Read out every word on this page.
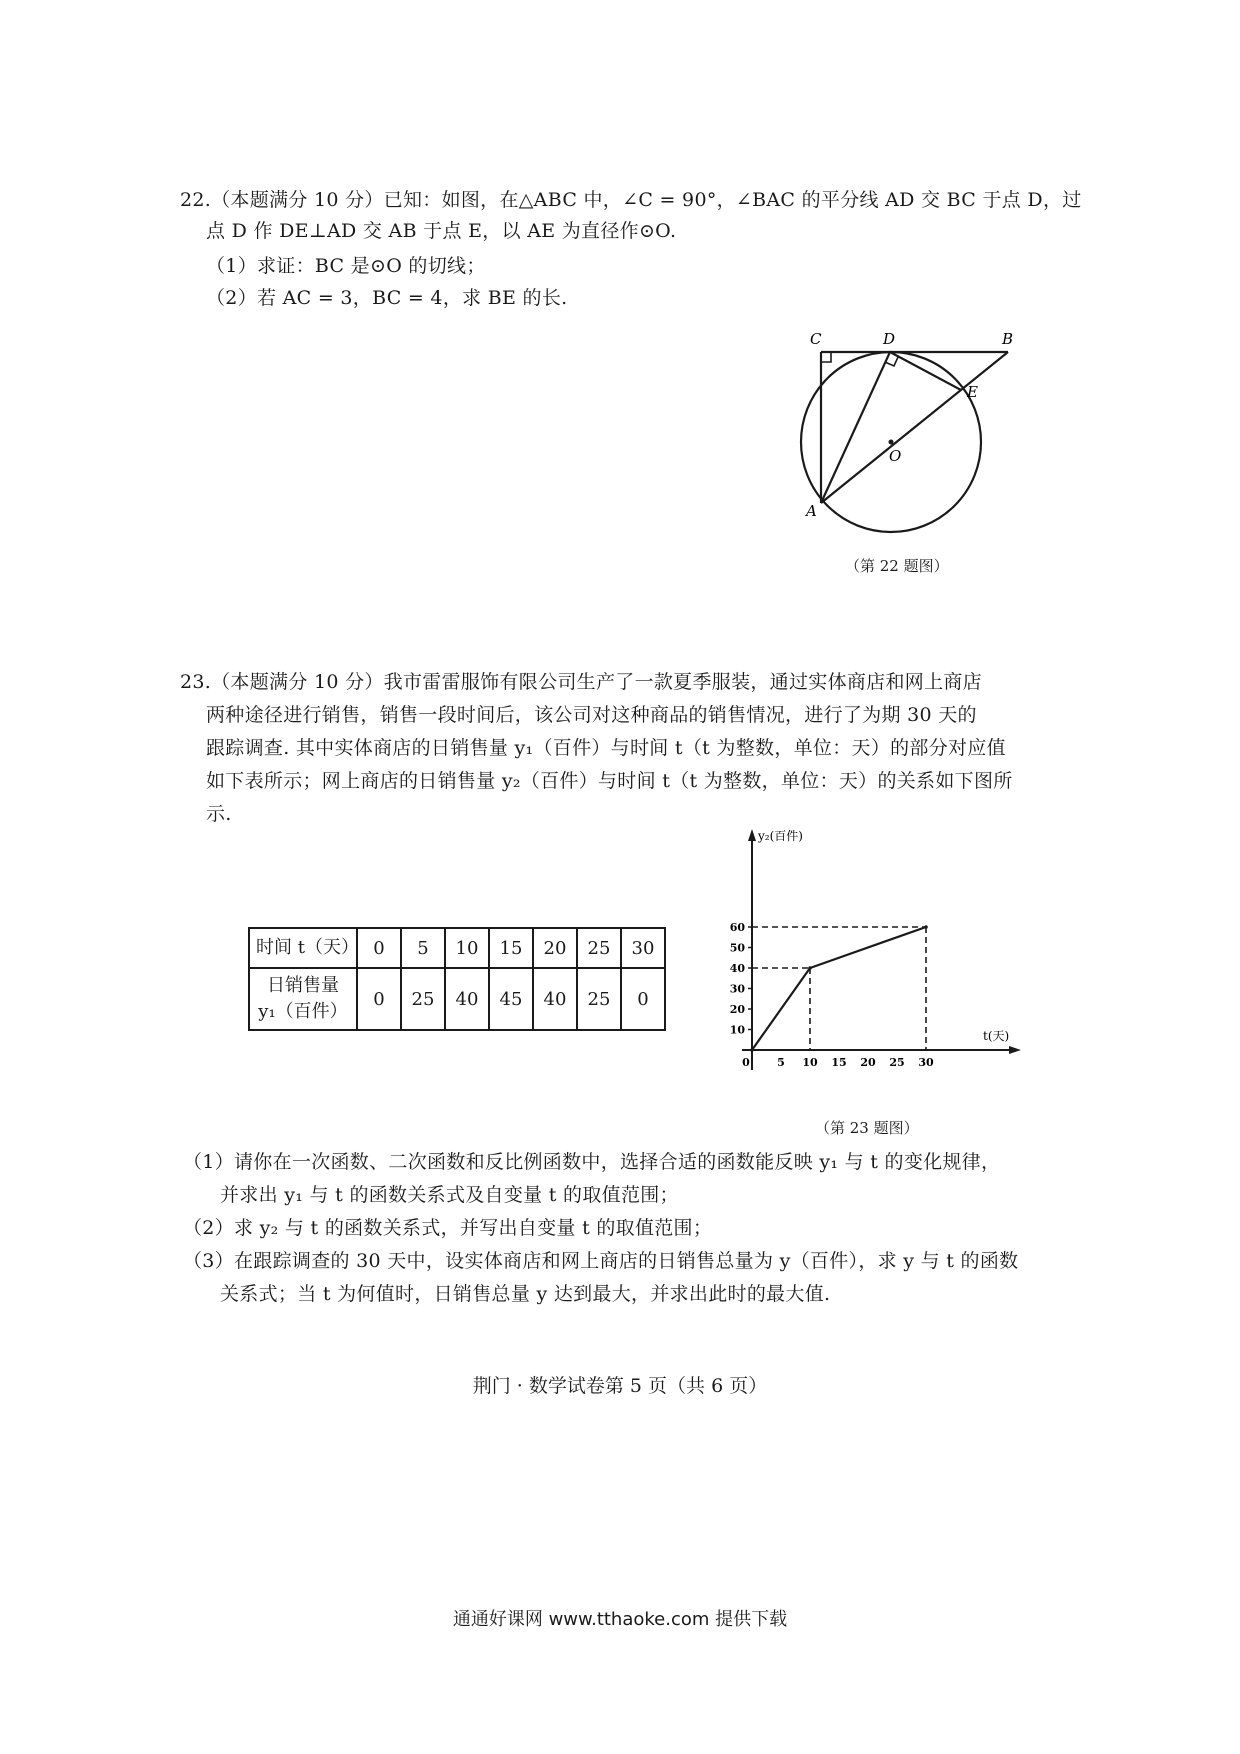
22.（本题满分 10 分）已知：如图，在△ABC 中，∠C = 90°，∠BAC 的平分线 AD 交 BC 于点 D，过
点 D 作 DE⊥AD 交 AB 于点 E，以 AE 为直径作⊙O.
（1）求证：BC 是⊙O 的切线；
（2）若 AC = 3，BC = 4，求 BE 的长.
C	D	B
E
O
A
（第 22 题图）
23.（本题满分 10 分）我市雷雷服饰有限公司生产了一款夏季服装，通过实体商店和网上商店
两种途径进行销售，销售一段时间后，该公司对这种商品的销售情况，进行了为期 30 天的
跟踪调查. 其中实体商店的日销售量 y₁（百件）与时间 t（t 为整数，单位：天）的部分对应值
如下表所示；网上商店的日销售量 y₂（百件）与时间 t（t 为整数，单位：天）的关系如下图所
示.
时间 t（天）	0	5	10	15	20	25	30

日销售量
y₁（百件）	0	25	40	45	40	25	0
y₂(百件)
t(天)
10
20
30
40
50
60
0 5 10 15 20 25 30
（第 23 题图）
（1）请你在一次函数、二次函数和反比例函数中，选择合适的函数能反映 y₁ 与 t 的变化规律，
并求出 y₁ 与 t 的函数关系式及自变量 t 的取值范围；
（2）求 y₂ 与 t 的函数关系式，并写出自变量 t 的取值范围；
（3）在跟踪调查的 30 天中，设实体商店和网上商店的日销售总量为 y（百件），求 y 与 t 的函数
关系式；当 t 为何值时，日销售总量 y 达到最大，并求出此时的最大值.
荆门 · 数学试卷第 5 页（共 6 页）
通通好课网 www.tthaoke.com 提供下载
